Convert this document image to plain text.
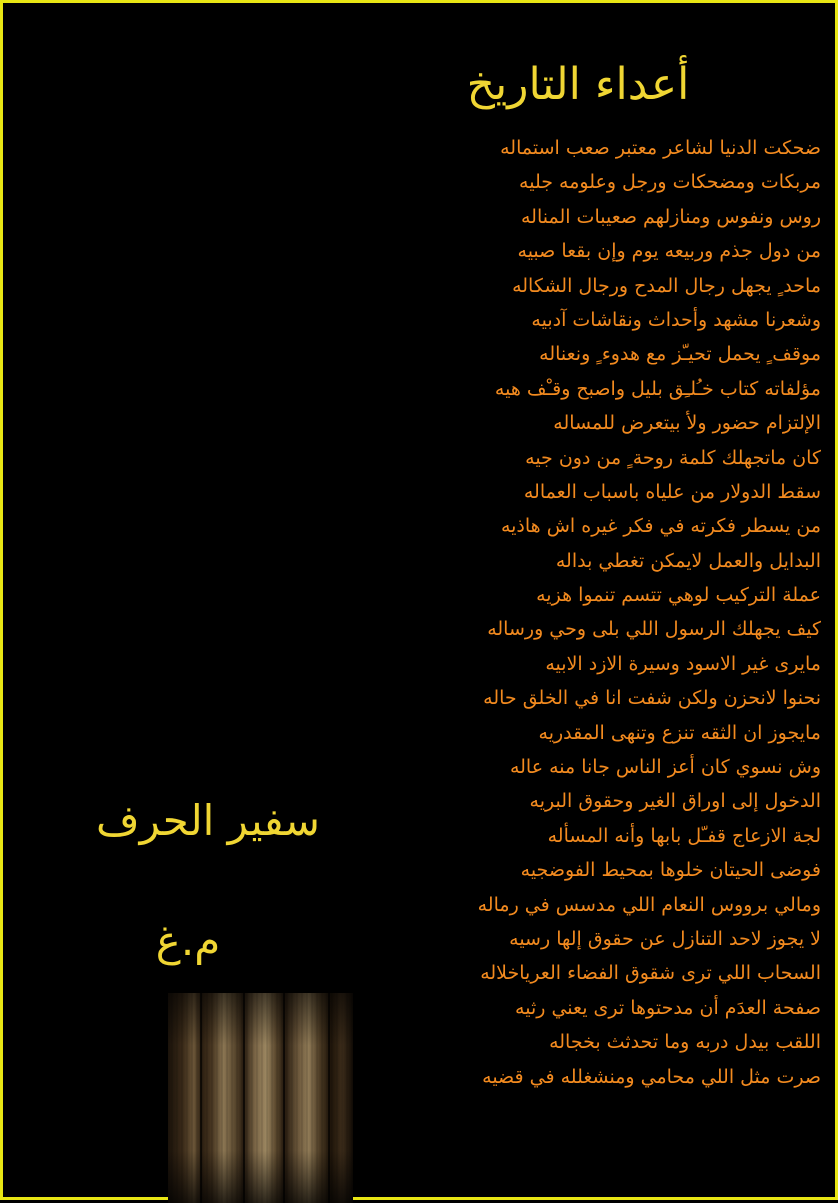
أعداء التاريخ
ضحكت الدنيا لشاعر معتبر صعب استماله
مربكات ومضحكات ورجل وعلومه جليه
روس ونفوس ومنازلهم صعيبات المناله
من دول جذم وربيعه يوم وإن بقعا صبيه
ماحد ٍ يجهل رجال المدح ورجال الشكاله
وشعرنا مشهد وأحداث ونقاشات آدبيه
موقف ٍ يحمل تحيـّز مع هدوء ٍ ونعناله
مؤلفاته كتاب خـُلـِق بليل واصبح وقـْف هيه
الإلتزام حضور ولأ بيتعرض للمساله
كان ماتجهلك كلمة روحة ٍ من دون جيه
سقط الدولار من علياه باسباب العماله
من يسطر فكرته في فكر غيره اش هاذيه
البدايل والعمل لايمكن تغطي بداله
عملة التركيب لوهي تتسم تنموا هزيه
كيف يجهلك الرسول اللي بلى وحي ورساله
مايرى غير الاسود وسيرة الازد الابيه
نحنوا لانحزن ولكن شفت انا في الخلق حاله
مايجوز ان الثقه تنزع وتنهى المقدريه
وش نسوي كان أعز الناس جانا منه عاله
الدخول إلى اوراق الغير وحقوق البريه
لجة الازعاج قفـّل بابها وأنه المسأله
فوضى الحيتان خلوها بمحيط الفوضجيه
ومالي برووس النعام اللي مدسس في رماله
لا يجوز لاحد التنازل عن حقوق إلها رسيه
السحاب اللي ترى شقوق الفضاء العرياخلاله
صفحة العدَم أن مدحتوها ترى يعني رثيه
اللقب بيدل دربه وما تحدثث بخجاله
صرت مثل اللي محامي ومنشغلله في قضيه
سفير الحرف
م.غ
